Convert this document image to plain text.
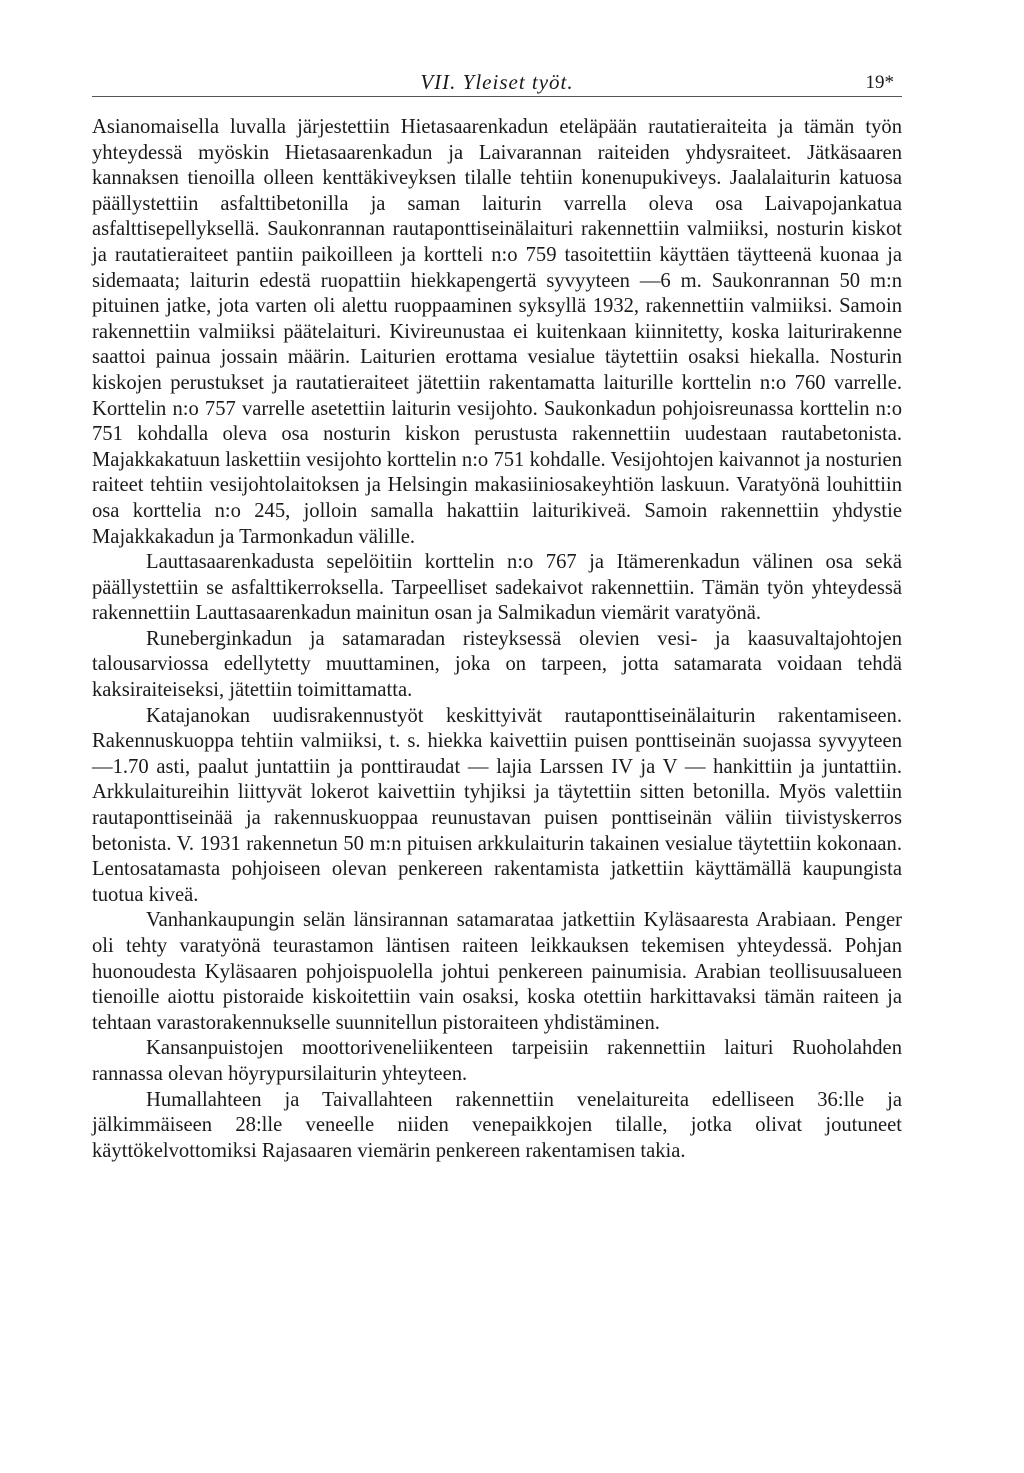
VII. Yleiset työt.	19*

Asianomaisella luvalla järjestettiin Hietasaarenkadun eteläpään rautatieraiteita ja tämän työn yhteydessä myöskin Hietasaarenkadun ja Laivarannan raiteiden yhdysraiteet. Jätkäsaaren kannaksen tienoilla olleen kenttäkiveyksen tilalle tehtiin konenupukiveys. Jaalalaiturin katuosa päällystettiin asfalttibetonilla ja saman laiturin varrella oleva osa Laivapojankatua asfalttisepellyksellä. Saukonrannan rautaponttiseinälaituri rakennettiin valmiiksi, nosturin kiskot ja rautatieraiteet pantiin paikoilleen ja kortteli n:o 759 tasoitettiin käyttäen täytteenä kuonaa ja sidemaata; laiturin edestä ruopattiin hiekkapengertä syvyyteen —6 m. Saukonrannan 50 m:n pituinen jatke, jota varten oli alettu ruoppaaminen syksyllä 1932, rakennettiin valmiiksi. Samoin rakennettiin valmiiksi päätelaituri. Kivireunustaa ei kuitenkaan kiinnitetty, koska laiturirakenne saattoi painua jossain määrin. Laiturien erottama vesialue täytettiin osaksi hiekalla. Nosturin kiskojen perustukset ja rautatieraiteet jätettiin rakentamatta laiturille korttelin n:o 760 varrelle. Korttelin n:o 757 varrelle asetettiin laiturin vesijohto. Saukonkadun pohjoisreunassa korttelin n:o 751 kohdalla oleva osa nosturin kiskon perustusta rakennettiin uudestaan rautabetonista. Majakkakatuun laskettiin vesijohto korttelin n:o 751 kohdalle. Vesijohtojen kaivannot ja nosturien raiteet tehtiin vesijohtolaitoksen ja Helsingin makasiiniosakeyhtiön laskuun. Varatyönä louhittiin osa korttelia n:o 245, jolloin samalla hakattiin laiturikiveä. Samoin rakennettiin yhdystie Majakkakadun ja Tarmonkadun välille.

Lauttasaarenkadusta sepelöitiin korttelin n:o 767 ja Itämerenkadun välinen osa sekä päällystettiin se asfalttikerroksella. Tarpeelliset sadekaivot rakennettiin. Tämän työn yhteydessä rakennettiin Lauttasaarenkadun mainitun osan ja Salmikadun viemärit varatyönä.

Runeberginkadun ja satamaradan risteyksessä olevien vesi- ja kaasuvaltajohtojen talousarviossa edellytetty muuttaminen, joka on tarpeen, jotta satamarata voidaan tehdä kaksiraiteiseksi, jätettiin toimittamatta.

Katajanokan uudisrakennustyöt keskittyivät rautaponttiseinälaiturin rakentamiseen. Rakennuskuoppa tehtiin valmiiksi, t. s. hiekka kaivettiin puisen ponttiseinän suojassa syvyyteen —1.70 asti, paalut juntattiin ja ponttiraudat — lajia Larssen IV ja V — hankittiin ja juntattiin. Arkkulaitureihin liittyvät lokerot kaivettiin tyhjiksi ja täytettiin sitten betonilla. Myös valettiin rautaponttiseinää ja rakennuskuoppaa reunustavan puisen ponttiseinän väliin tiivistyskerros betonista. V. 1931 rakennetun 50 m:n pituisen arkkulaiturin takainen vesialue täytettiin kokonaan. Lentosatamasta pohjoiseen olevan penkereen rakentamista jatkettiin käyttämällä kaupungista tuotua kiveä.

Vanhankaupungin selän länsirannan satamarataa jatkettiin Kyläsaaresta Arabiaan. Penger oli tehty varatyönä teurastamon läntisen raiteen leikkauksen tekemisen yhteydessä. Pohjan huonoudesta Kyläsaaren pohjoispuolella johtui penkereen painumisia. Arabian teollisuusalueen tienoille aiottu pistoraide kiskoitettiin vain osaksi, koska otettiin harkittavaksi tämän raiteen ja tehtaan varastorakennukselle suunnitellun pistoraiteen yhdistäminen.

Kansanpuistojen moottoriveneliikenteen tarpeisiin rakennettiin laituri Ruoholahden rannassa olevan höyrypursilaiturin yhteyteen.

Humallahteen ja Taivallahteen rakennettiin venelaitureita edelliseen 36:lle ja jälkimmäiseen 28:lle veneelle niiden venepaikkojen tilalle, jotka olivat joutuneet käyttökelvottomiksi Rajasaaren viemärin penkereen rakentamisen takia.
